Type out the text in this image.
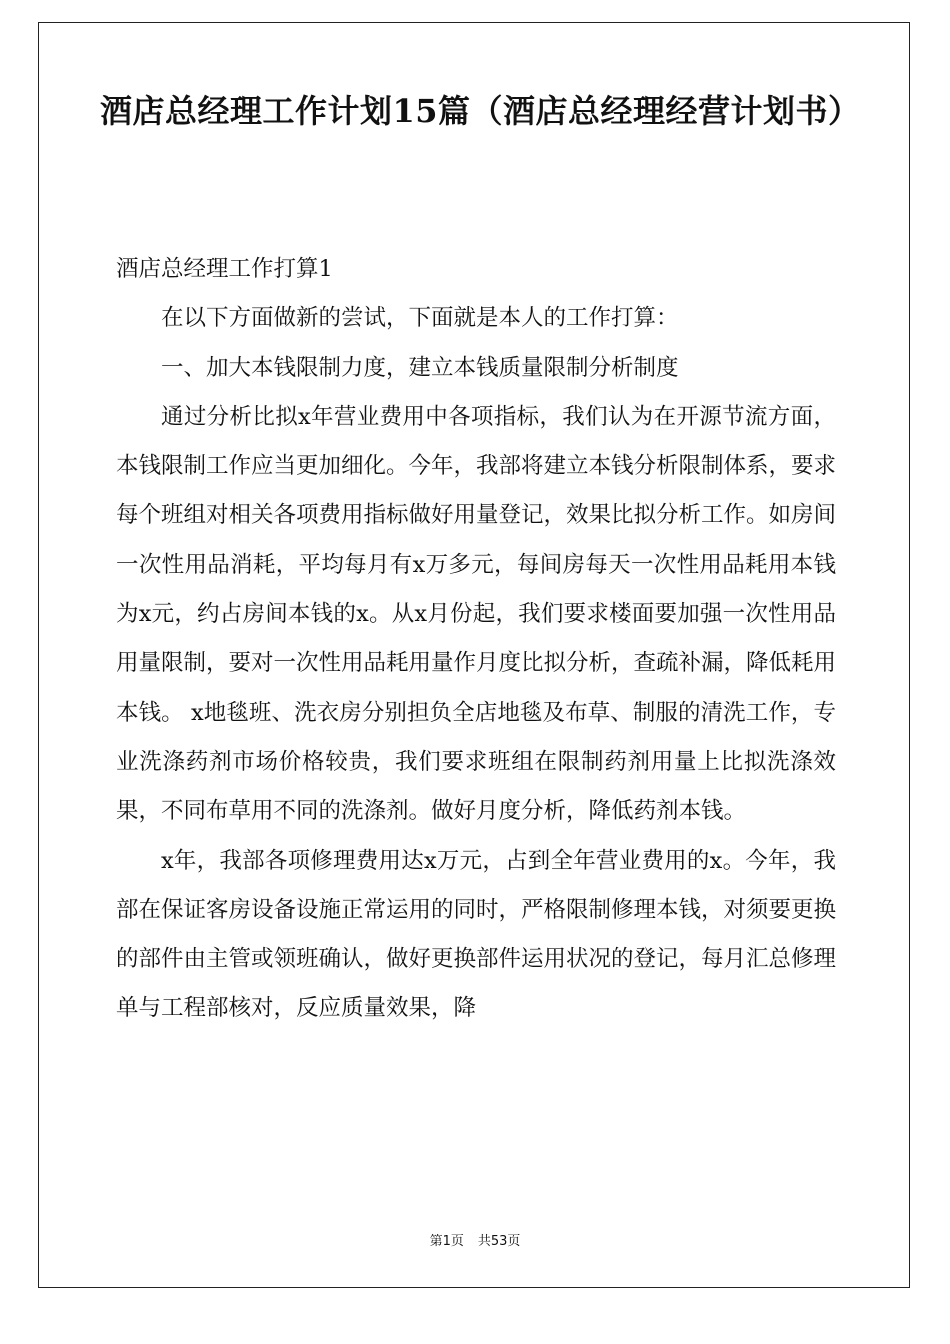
酒店总经理工作计划15篇（酒店总经理经营计划书）

酒店总经理工作打算1

在以下方面做新的尝试，下面就是本人的工作打算：

一、加大本钱限制力度，建立本钱质量限制分析制度

通过分析比拟x年营业费用中各项指标，我们认为在开源节流方面，本钱限制工作应当更加细化。今年，我部将建立本钱分析限制体系，要求每个班组对相关各项费用指标做好用量登记，效果比拟分析工作。如房间一次性用品消耗，平均每月有x万多元，每间房每天一次性用品耗用本钱为x元，约占房间本钱的x。从x月份起，我们要求楼面要加强一次性用品用量限制，要对一次性用品耗用量作月度比拟分析，查疏补漏，降低耗用本钱。 x地毯班、洗衣房分别担负全店地毯及布草、制服的清洗工作，专业洗涤药剂市场价格较贵，我们要求班组在限制药剂用量上比拟洗涤效果，不同布草用不同的洗涤剂。做好月度分析，降低药剂本钱。

x年，我部各项修理费用达x万元，占到全年营业费用的x。今年，我部在保证客房设备设施正常运用的同时，严格限制修理本钱，对须要更换的部件由主管或领班确认，做好更换部件运用状况的登记，每月汇总修理单与工程部核对，反应质量效果，降

第1页 共53页
